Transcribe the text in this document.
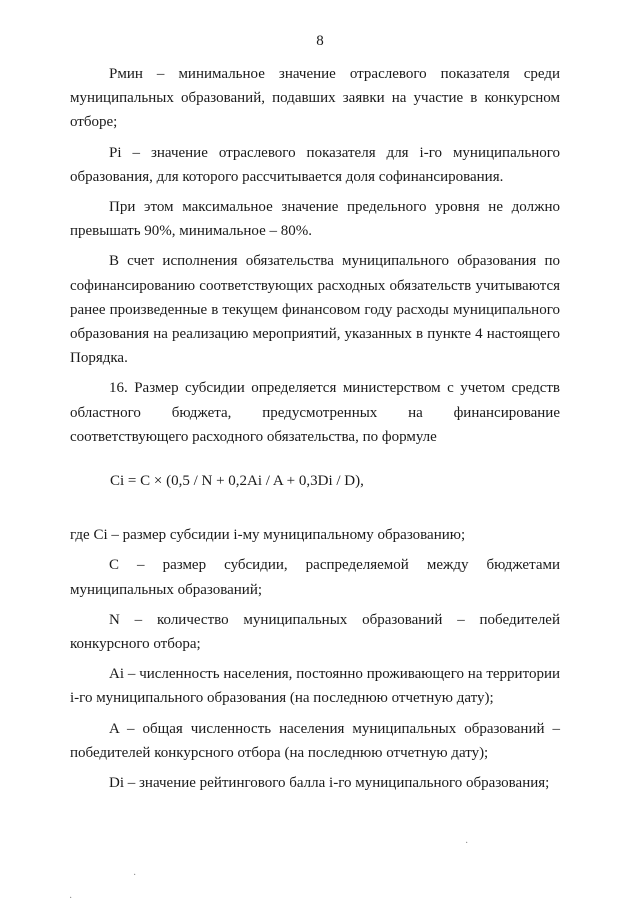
8

Pмин – минимальное значение отраслевого показателя среди муниципальных образований, подавших заявки на участие в конкурсном отборе;

Pi – значение отраслевого показателя для i-го муниципального образования, для которого рассчитывается доля софинансирования.

При этом максимальное значение предельного уровня не должно превышать 90%, минимальное – 80%.

В счет исполнения обязательства муниципального образования по софинансированию соответствующих расходных обязательств учитываются ранее произведенные в текущем финансовом году расходы муниципального образования на реализацию мероприятий, указанных в пункте 4 настоящего Порядка.

16. Размер субсидии определяется министерством с учетом средств областного бюджета, предусмотренных на финансирование соответствующего расходного обязательства, по формуле

Ci = C × (0,5 / N + 0,2Ai / A + 0,3Di / D),

где Ci – размер субсидии i-му муниципальному образованию;

C – размер субсидии, распределяемой между бюджетами муниципальных образований;

N – количество муниципальных образований – победителей конкурсного отбора;

Ai – численность населения, постоянно проживающего на территории i-го муниципального образования (на последнюю отчетную дату);

A – общая численность населения муниципальных образований – победителей конкурсного отбора (на последнюю отчетную дату);

Di – значение рейтингового балла i-го муниципального образования;

·
·
·
